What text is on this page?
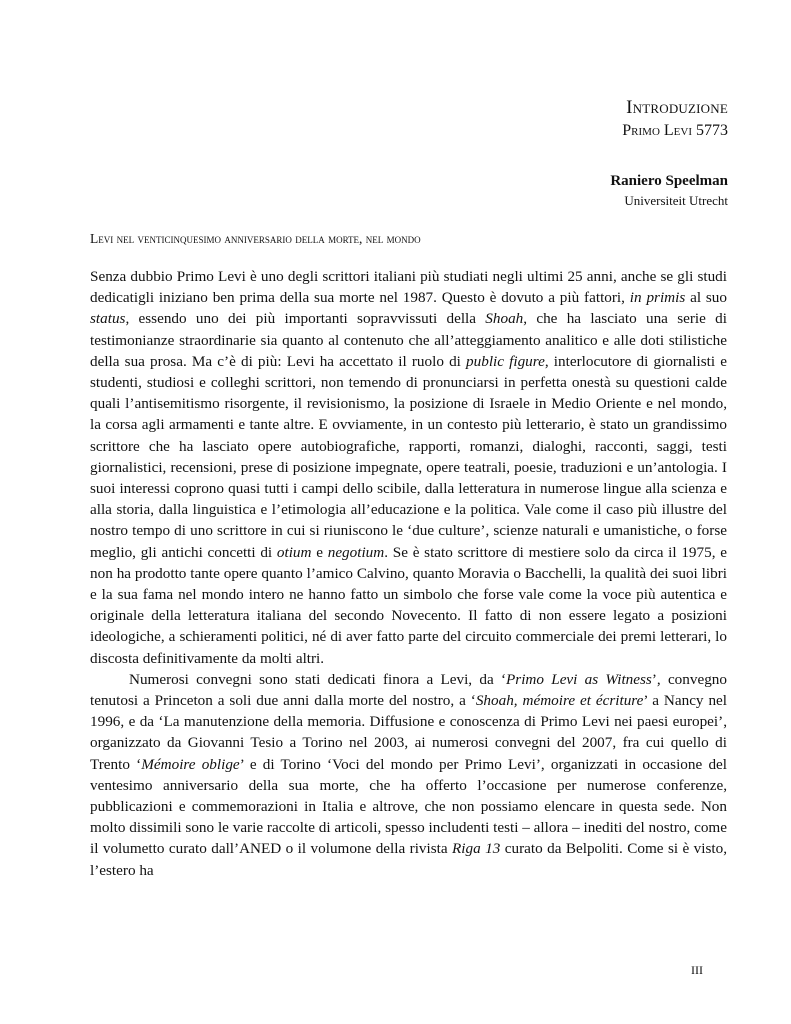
Introduzione
Primo Levi 5773
Raniero Speelman
Universiteit Utrecht
Levi nel venticinquesimo anniversario della morte, nel mondo

Senza dubbio Primo Levi è uno degli scrittori italiani più studiati negli ultimi 25 anni, anche se gli studi dedicatigli iniziano ben prima della sua morte nel 1987. Questo è dovuto a più fattori, in primis al suo status, essendo uno dei più importanti sopravvissuti della Shoah, che ha lasciato una serie di testimonianze straordinarie sia quanto al contenuto che all’atteggiamento analitico e alle doti stilistiche della sua prosa. Ma c’è di più: Levi ha accettato il ruolo di public figure, interlocutore di giornalisti e studenti, studiosi e colleghi scrittori, non temendo di pronunciarsi in perfetta onestà su questioni calde quali l’antisemitismo risorgente, il revisionismo, la posizione di Israele in Medio Oriente e nel mondo, la corsa agli armamenti e tante altre. E ovviamente, in un contesto più letterario, è stato un grandissimo scrittore che ha lasciato opere autobiografiche, rapporti, romanzi, dialoghi, racconti, saggi, testi giornalistici, recensioni, prese di posizione impegnate, opere teatrali, poesie, traduzioni e un’antologia. I suoi interessi coprono quasi tutti i campi dello scibile, dalla letteratura in numerose lingue alla scienza e alla storia, dalla linguistica e l’etimologia all’educazione e la politica. Vale come il caso più illustre del nostro tempo di uno scrittore in cui si riuniscono le ‘due culture’, scienze naturali e umanistiche, o forse meglio, gli antichi concetti di otium e negotium. Se è stato scrittore di mestiere solo da circa il 1975, e non ha prodotto tante opere quanto l’amico Calvino, quanto Moravia o Bacchelli, la qualità dei suoi libri e la sua fama nel mondo intero ne hanno fatto un simbolo che forse vale come la voce più autentica e originale della letteratura italiana del secondo Novecento. Il fatto di non essere legato a posizioni ideologiche, a schieramenti politici, né di aver fatto parte del circuito commerciale dei premi letterari, lo discosta definitivamente da molti altri.

Numerosi convegni sono stati dedicati finora a Levi, da ‘Primo Levi as Witness’, convegno tenutosi a Princeton a soli due anni dalla morte del nostro, a ‘Shoah, mémoire et écriture’ a Nancy nel 1996, e da ‘La manutenzione della memoria. Diffusione e conoscenza di Primo Levi nei paesi europei’, organizzato da Giovanni Tesio a Torino nel 2003, ai numerosi convegni del 2007, fra cui quello di Trento ‘Mémoire oblige’ e di Torino ‘Voci del mondo per Primo Levi’, organizzati in occasione del ventesimo anniversario della sua morte, che ha offerto l’occasione per numerose conferenze, pubblicazioni e commemorazioni in Italia e altrove, che non possiamo elencare in questa sede. Non molto dissimili sono le varie raccolte di articoli, spesso includenti testi – allora – inediti del nostro, come il volumetto curato dall’ANED o il volumone della rivista Riga 13 curato da Belpoliti. Come si è visto, l’estero ha

III
